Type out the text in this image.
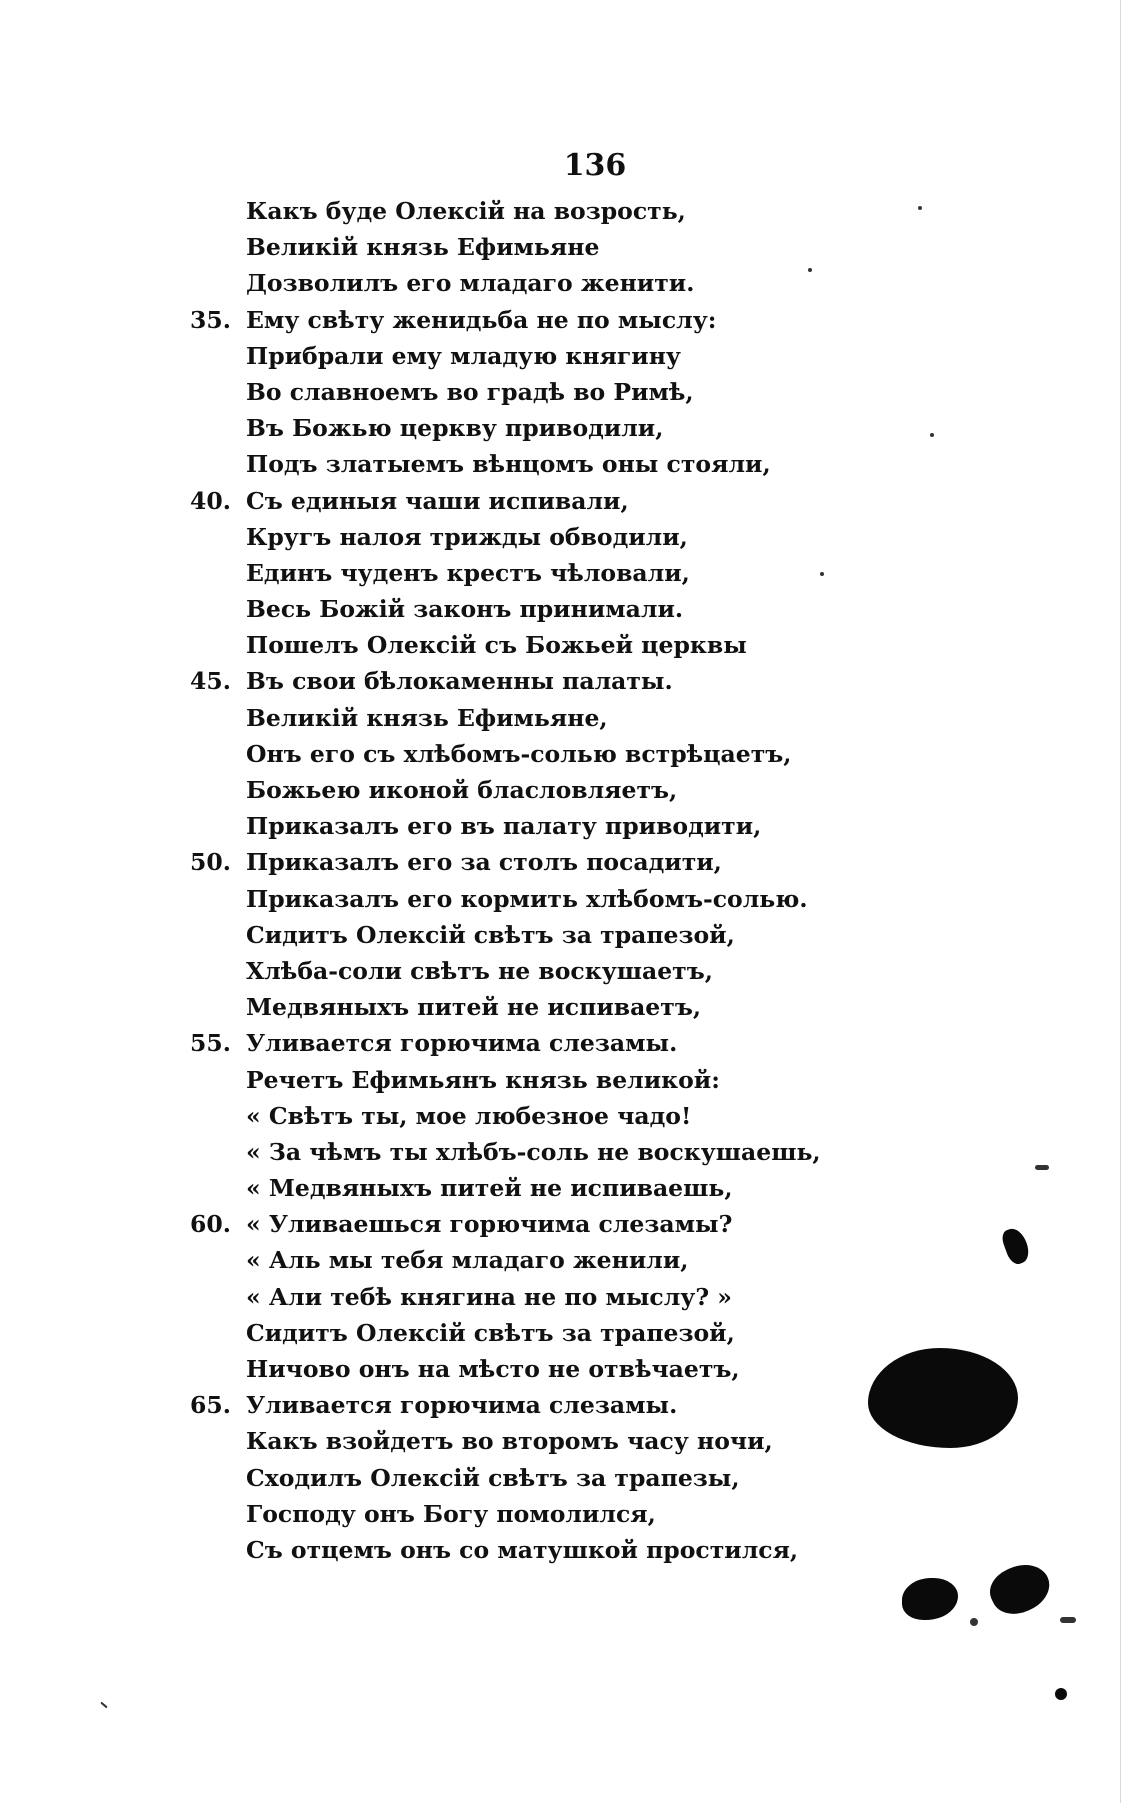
136
Какъ буде Олексій на возрость,
Великій князь Ефимьяне
Дозволилъ его младаго женити.
35. Ему свѣту женидьба не по мыслу:
Прибрали ему младую княгину
Во славноемъ во градѣ во Римѣ,
Въ Божью церкву приводили,
Подъ златыемъ вѣнцомъ оны стояли,
40. Съ единыя чаши испивали,
Кругъ налоя трижды обводили,
Единъ чуденъ крестъ чѣловали,
Весь Божій законъ принимали.
Пошелъ Олексій съ Божьей церквы
45. Въ свои бѣлокаменны палаты.
Великій князь Ефимьяне,
Онъ его съ хлѣбомъ-солью встрѣцаетъ,
Божьею иконой бласловляетъ,
Приказалъ его въ палату приводити,
50. Приказалъ его за столъ посадити,
Приказалъ его кормить хлѣбомъ-солью.
Сидитъ Олексій свѣтъ за трапезой,
Хлѣба-соли свѣтъ не воскушаетъ,
Медвяныхъ питей не испиваетъ,
55. Уливается горючима слезамы.
Речетъ Ефимьянъ князь великой:
« Свѣтъ ты, мое любезное чадо!
« За чѣмъ ты хлѣбъ-соль не воскушаешь,
« Медвяныхъ питей не испиваешь,
60. « Уливаешься горючима слезамы?
« Аль мы тебя младаго женили,
« Али тебѣ княгина не по мыслу? »
Сидитъ Олексій свѣтъ за трапезой,
Ничово онъ на мѣсто не отвѣчаетъ,
65. Уливается горючима слезамы.
Какъ взойдетъ во второмъ часу ночи,
Сходилъ Олексій свѣтъ за трапезы,
Господу онъ Богу помолился,
Съ отцемъ онъ со матушкой простился,
